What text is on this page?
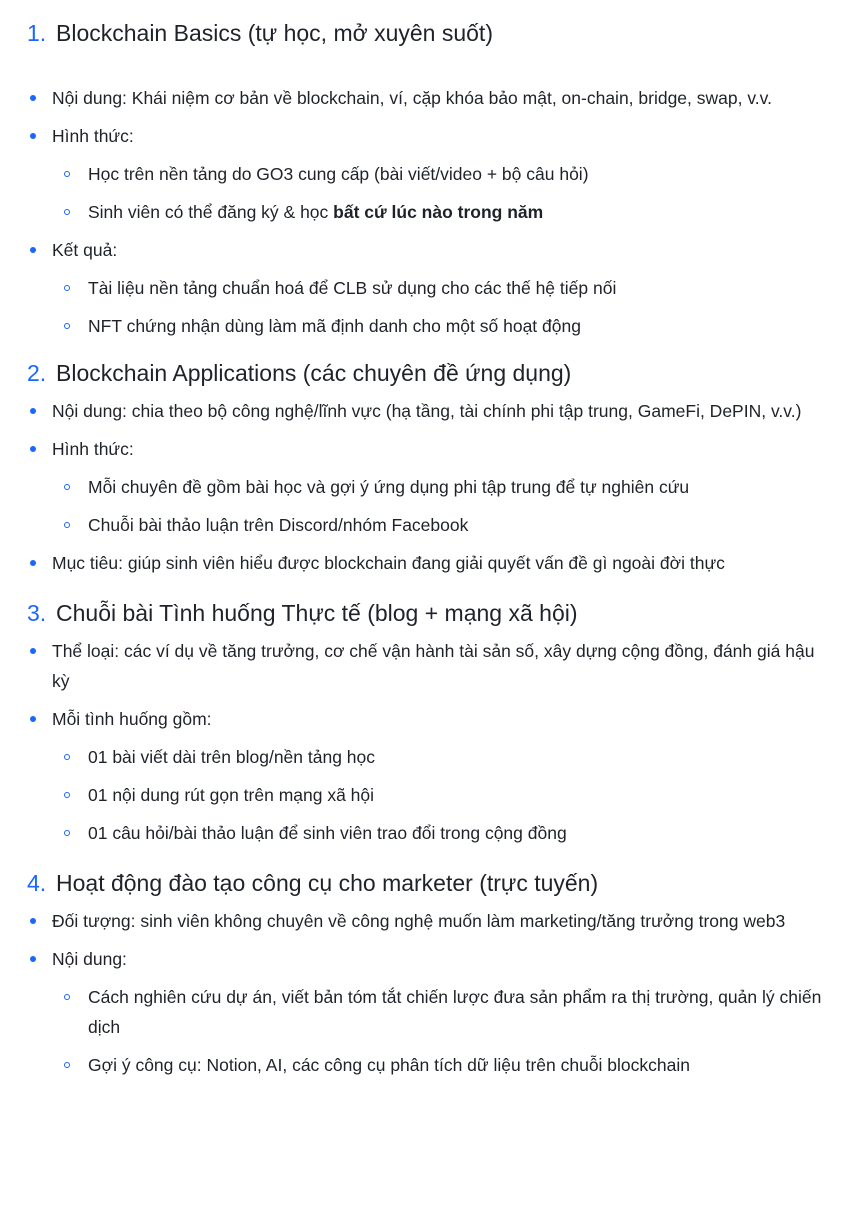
1. Blockchain Basics (tự học, mở xuyên suốt)
Nội dung: Khái niệm cơ bản về blockchain, ví, cặp khóa bảo mật, on-chain, bridge, swap, v.v.
Hình thức:
Học trên nền tảng do GO3 cung cấp (bài viết/video + bộ câu hỏi)
Sinh viên có thể đăng ký & học bất cứ lúc nào trong năm
Kết quả:
Tài liệu nền tảng chuẩn hoá để CLB sử dụng cho các thế hệ tiếp nối
NFT chứng nhận dùng làm mã định danh cho một số hoạt động
2. Blockchain Applications (các chuyên đề ứng dụng)
Nội dung: chia theo bộ công nghệ/lĩnh vực (hạ tầng, tài chính phi tập trung, GameFi, DePIN, v.v.)
Hình thức:
Mỗi chuyên đề gồm bài học và gợi ý ứng dụng phi tập trung để tự nghiên cứu
Chuỗi bài thảo luận trên Discord/nhóm Facebook
Mục tiêu: giúp sinh viên hiểu được blockchain đang giải quyết vấn đề gì ngoài đời thực
3. Chuỗi bài Tình huống Thực tế (blog + mạng xã hội)
Thể loại: các ví dụ về tăng trưởng, cơ chế vận hành tài sản số, xây dựng cộng đồng, đánh giá hậu kỳ
Mỗi tình huống gồm:
01 bài viết dài trên blog/nền tảng học
01 nội dung rút gọn trên mạng xã hội
01 câu hỏi/bài thảo luận để sinh viên trao đổi trong cộng đồng
4. Hoạt động đào tạo công cụ cho marketer (trực tuyến)
Đối tượng: sinh viên không chuyên về công nghệ muốn làm marketing/tăng trưởng trong web3
Nội dung:
Cách nghiên cứu dự án, viết bản tóm tắt chiến lược đưa sản phẩm ra thị trường, quản lý chiến dịch
Gợi ý công cụ: Notion, AI, các công cụ phân tích dữ liệu trên chuỗi blockchain
